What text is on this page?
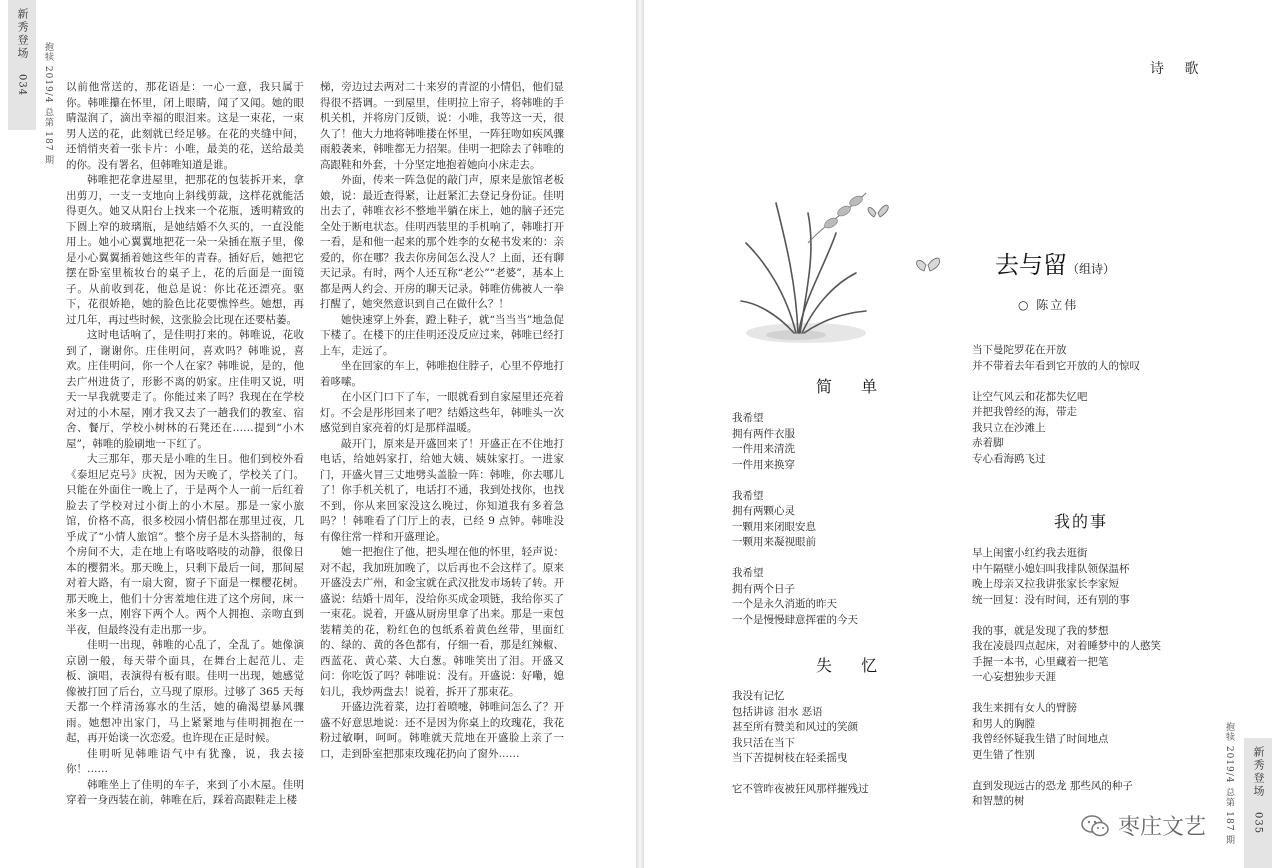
新秀登场
034 抱犊 2019/4 总第 187 期 以前他常送的，那花语是：一心一意，我只属于你。韩唯攥在怀里，闭上眼睛，闻了又闻。她的眼睛湿润了，滴出幸福的眼泪来。这是一束花，一束男人送的花，此刻就已经足够。在花的夹缝中间，还悄悄夹着一张卡片：小唯，最美的花，送给最美的你。没有署名，但韩唯知道是谁。

韩唯把花拿进屋里，把那花的包装拆开来，拿出剪刀，一支一支地向上斜线剪裁，这样花就能活得更久。她又从阳台上找来一个花瓶，透明精致的下圆上窄的玻璃瓶，是她结婚不久买的，一直没能用上。她小心翼翼地把花一朵一朵插在瓶子里，像是小心翼翼插着她这些年的青春。插好后，她把它摆在卧室里梳妆台的桌子上，花的后面是一面镜子。从前收到花，他总是说：你比花还漂亮。驱下，花很娇艳，她的脸色比花要憔悴些。她想，再过几年，再过些时候，这张脸会比现在还要枯萎。

这时电话响了，是佳明打来的。韩唯说，花收到了，谢谢你。庄佳明问，喜欢吗？韩唯说，喜欢。庄佳明问，你一个人在家？韩唯说，是的，他去广州进货了，形影不离的奶家。庄佳明又说，明天一早我就要走了。你能过来了吗？我现在在学校对过的小木屋，刚才我又去了一趟我们的教室、宿舍、餐厅，学校小树林的石凳还在……提到“小木屋”，韩唯的脸刷地一下红了。

大三那年，那天是小唯的生日。他们到校外看《泰坦尼克号》庆祝，因为天晚了，学校关了门。只能在外面住一晚上了，于是两个人一前一后红着脸去了学校对过小街上的小木屋。那是一家小旅馆，价格不高，很多校园小情侣都在那里过夜，几乎成了“小情人旅馆”。整个房子是木头搭制的，每个房间不大，走在地上有咯吱咯吱的动静，很像日本的樱猬米。那天晚上，只剩下最后一间，那间屋对着大路，有一扇大窗，窗子下面是一棵樱花树。那天晚上，他们十分害羞地住进了这个房间，床一米多一点，刚容下两个人。两个人拥抱、亲吻直到半夜，但最终没有走出那一步。

佳明一出现，韩唯的心乱了，全乱了。她像演京剧一般，每天带个面具，在舞台上起范儿、走板、演唱，表演得有板有眼。佳明一出现，她感觉像被打回了后台，立马现了原形。过够了 365 天每天都一个样清汤寡水的生活，她的确渴望暴风骤雨。她想冲出家门，马上紧紧地与佳明拥抱在一起，再开始谈一次恋爱。也许现在正是时候。

佳明听见韩唯语气中有犹豫，说，我去接你！……

韩唯坐上了佳明的车子，来到了小木屋。佳明穿着一身西装在前，韩唯在后，踩着高跟鞋走上楼

梯，旁边过去两对二十来岁的青涩的小情侣，他们显得很不搭调。一到屋里，佳明拉上帘子，将韩唯的手机关机，并将房门反锁，说：小唯，我等这一天，很久了！他大力地将韩唯搂在怀里，一阵狂吻如疾风骤雨般袭来，韩唯都无力招架。佳明一把除去了韩唯的高跟鞋和外套，十分坚定地抱着她向小床走去。

外面，传来一阵急促的敲门声，原来是旅馆老板娘，说：最近查得紧，让赶紧汇去登记身份证。佳明出去了，韩唯衣衫不整地半躺在床上，她的脑子还完全处于断电状态。佳明西装里的手机响了，韩唯打开一看，是和他一起来的那个姓李的女秘书发来的：亲爱的，你在哪？我去你房间怎么没人？上面，还有聊天记录。有时，两个人还互称“老公”“老婆”，基本上都是两人约会、开房的聊天记录。韩唯仿佛被人一拳打醒了，她突然意识到自己在做什么？！

她快速穿上外套，蹬上鞋子，就“当当当”地急促下楼了。在楼下的庄佳明还没反应过来，韩唯已经打上车，走远了。

坐在回家的车上，韩唯抱住脖子，心里不停地打着哆嗦。

在小区门口下了车，一眼就看到自家屋里还亮着灯。不会是彤彤回来了吧？结婚这些年，韩唯头一次感觉到自家亮着的灯是那样温暖。

敲开门，原来是开盛回来了！开盛正在不住地打电话，给她妈家打，给她大姨、姨妹家打。一进家门，开盛火冒三丈地劈头盖脸一阵：韩唯，你去哪儿了！你手机关机了，电话打不通，我到处找你，也找不到，你从来回家没这么晚过，你知道我有多着急吗？！韩唯看了门厅上的表，已经 9 点钟。韩唯没有像往常一样和开盛理论。

她一把抱住了他，把头埋在他的怀里，轻声说：对不起，我加班加晚了，以后再也不会这样了。原来开盛没去广州，和金宝就在武汉批发市场转了转。开盛说：结婚十周年，没给你买成金项链，我给你买了一束花。说着，开盛从厨房里拿了出来。那是一束包装精美的花，粉红色的包纸系着黄色丝带，里面红的、绿的、黄的各色都有，仔细一看，那是红辣椒、西蓝花、黄心菜、大白葱。韩唯笑出了泪。开盛又问：你吃饭了吗？韩唯说：没有。开盛说：好嘞，媳妇儿，我炒两盘去！说着，拆开了那束花。

开盛边洗着菜，边打着喷嚏，韩唯问怎么了？开盛不好意思地说：还不是因为你桌上的玫瑰花，我花粉过敏啊，呵呵。韩唯就天荒地在开盛脸上亲了一口，走到卧室把那束玫瑰花扔向了窗外……

诗 歌
去与留（组诗）
○ 陈立伟
简 单
我希望
拥有两件衣服
一件用来清洗
一件用来换穿
我希望
拥有两颗心灵
一颗用来闭眼安息
一颗用来凝视眼前
我希望
拥有两个日子
一个是永久消逝的昨天
一个是慢慢肆意挥霍的今天
失 忆
我没有记忆
包括讲谚 泪水 恶语
甚至所有赞美和风过的笑颜
我只活在当下
当下苦提树枝在轻柔摇曳
它不管昨夜被狂风那样摧残过
当下曼陀罗花在开放
并不带着去年看到它开放的人的惊叹
让空气风云和花都失忆吧
并把我曾经的海，带走
我只立在沙滩上
赤着脚
专心看海鸥飞过
我的事
早上闺蜜小红约我去逛街
中午隔壁小媳妇叫我排队领保温杯
晚上母亲又拉我讲张家长李家短
统一回复：没有时间，还有别的事
我的事，就是发现了我的梦想
我在凌晨四点起床，对着睡梦中的人憨笑
手握一本书，心里藏着一把笔
一心妄想独步天涯
我生来拥有女人的臂膀
和男人的胸膛
我曾经怀疑我生错了时间地点
更生错了性别
直到发现远古的恐龙 那些风的种子
和智慧的树
新秀登场
035
抱犊 2019/4 总第 187 期
枣庄文艺
